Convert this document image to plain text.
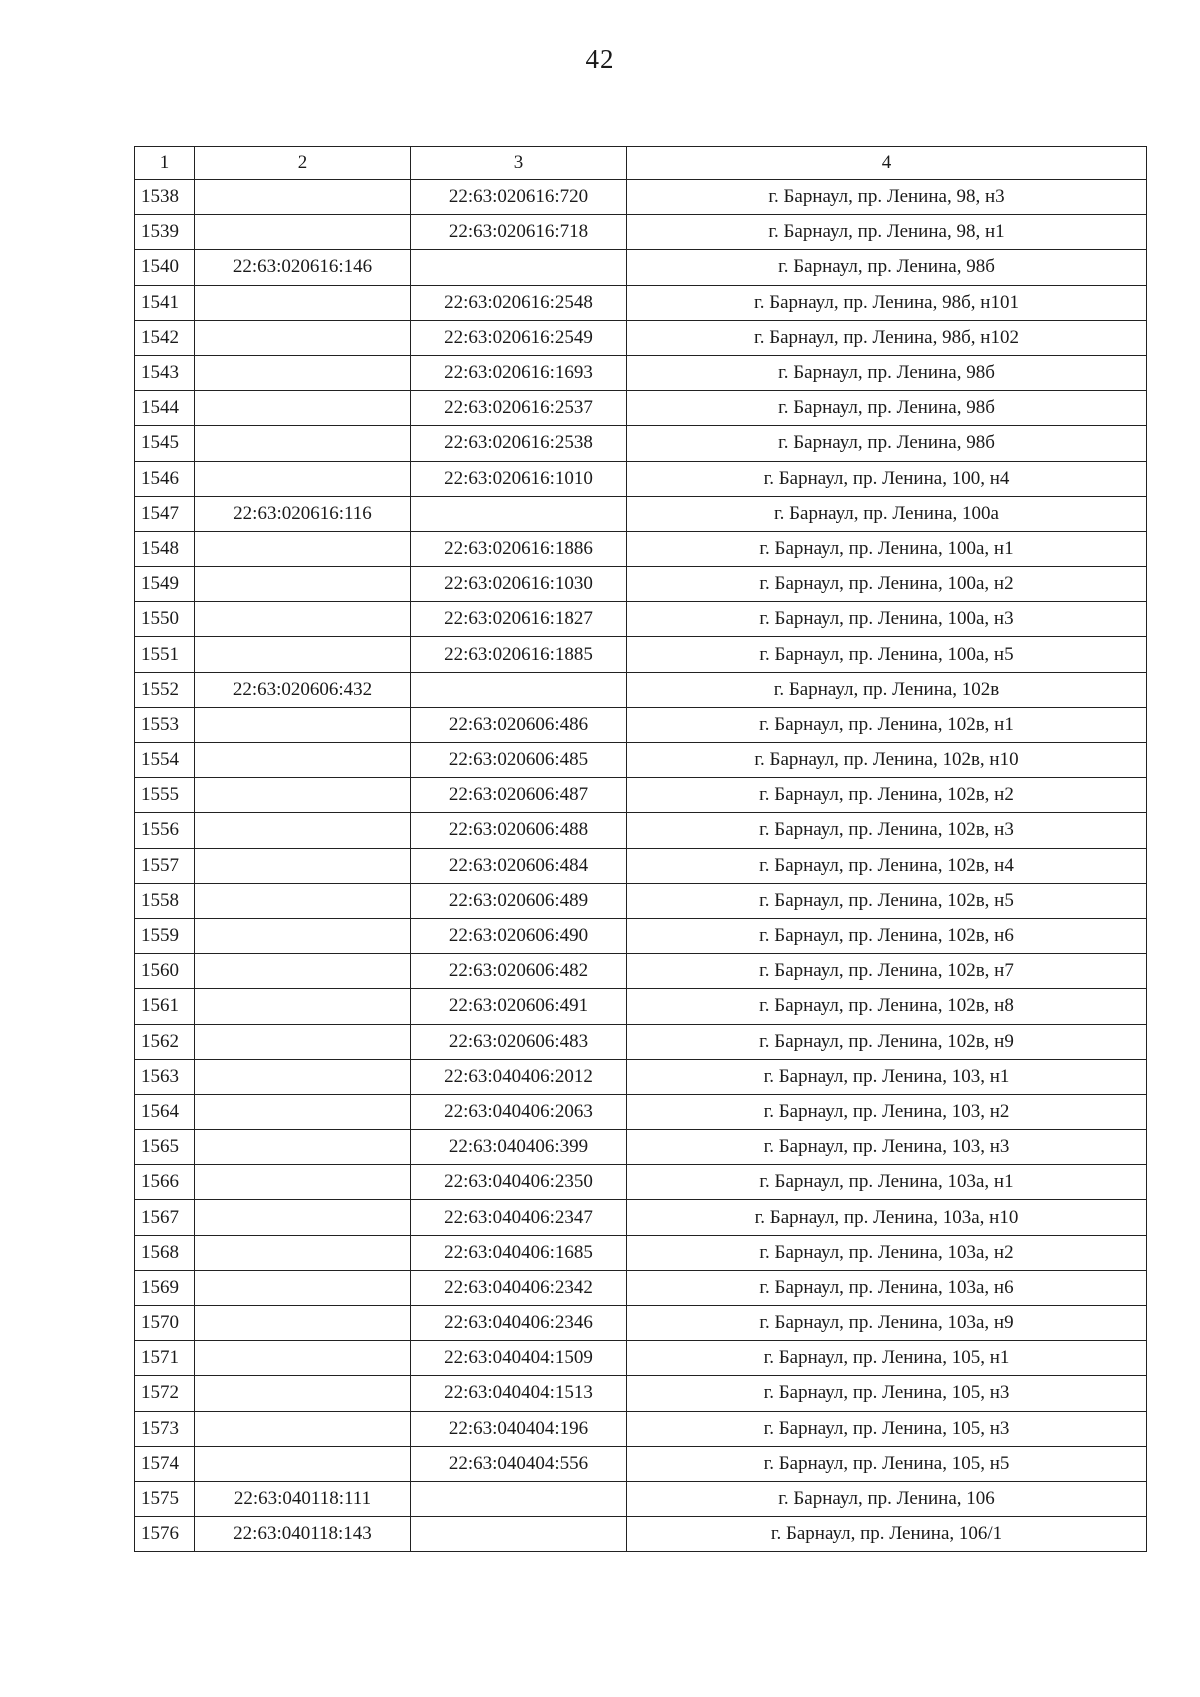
42
1	2	3	4
1538		22:63:020616:720	г. Барнаул, пр. Ленина, 98, н3
1539		22:63:020616:718	г. Барнаул, пр. Ленина, 98, н1
1540	22:63:020616:146		г. Барнаул, пр. Ленина, 98б
1541		22:63:020616:2548	г. Барнаул, пр. Ленина, 98б, н101
1542		22:63:020616:2549	г. Барнаул, пр. Ленина, 98б, н102
1543		22:63:020616:1693	г. Барнаул, пр. Ленина, 98б
1544		22:63:020616:2537	г. Барнаул, пр. Ленина, 98б
1545		22:63:020616:2538	г. Барнаул, пр. Ленина, 98б
1546		22:63:020616:1010	г. Барнаул, пр. Ленина, 100, н4
1547	22:63:020616:116		г. Барнаул, пр. Ленина, 100а
1548		22:63:020616:1886	г. Барнаул, пр. Ленина, 100а, н1
1549		22:63:020616:1030	г. Барнаул, пр. Ленина, 100а, н2
1550		22:63:020616:1827	г. Барнаул, пр. Ленина, 100а, н3
1551		22:63:020616:1885	г. Барнаул, пр. Ленина, 100а, н5
1552	22:63:020606:432		г. Барнаул, пр. Ленина, 102в
1553		22:63:020606:486	г. Барнаул, пр. Ленина, 102в, н1
1554		22:63:020606:485	г. Барнаул, пр. Ленина, 102в, н10
1555		22:63:020606:487	г. Барнаул, пр. Ленина, 102в, н2
1556		22:63:020606:488	г. Барнаул, пр. Ленина, 102в, н3
1557		22:63:020606:484	г. Барнаул, пр. Ленина, 102в, н4
1558		22:63:020606:489	г. Барнаул, пр. Ленина, 102в, н5
1559		22:63:020606:490	г. Барнаул, пр. Ленина, 102в, н6
1560		22:63:020606:482	г. Барнаул, пр. Ленина, 102в, н7
1561		22:63:020606:491	г. Барнаул, пр. Ленина, 102в, н8
1562		22:63:020606:483	г. Барнаул, пр. Ленина, 102в, н9
1563		22:63:040406:2012	г. Барнаул, пр. Ленина, 103, н1
1564		22:63:040406:2063	г. Барнаул, пр. Ленина, 103, н2
1565		22:63:040406:399	г. Барнаул, пр. Ленина, 103, н3
1566		22:63:040406:2350	г. Барнаул, пр. Ленина, 103а, н1
1567		22:63:040406:2347	г. Барнаул, пр. Ленина, 103а, н10
1568		22:63:040406:1685	г. Барнаул, пр. Ленина, 103а, н2
1569		22:63:040406:2342	г. Барнаул, пр. Ленина, 103а, н6
1570		22:63:040406:2346	г. Барнаул, пр. Ленина, 103а, н9
1571		22:63:040404:1509	г. Барнаул, пр. Ленина, 105, н1
1572		22:63:040404:1513	г. Барнаул, пр. Ленина, 105, н3
1573		22:63:040404:196	г. Барнаул, пр. Ленина, 105, н3
1574		22:63:040404:556	г. Барнаул, пр. Ленина, 105, н5
1575	22:63:040118:111		г. Барнаул, пр. Ленина, 106
1576	22:63:040118:143		г. Барнаул, пр. Ленина, 106/1
